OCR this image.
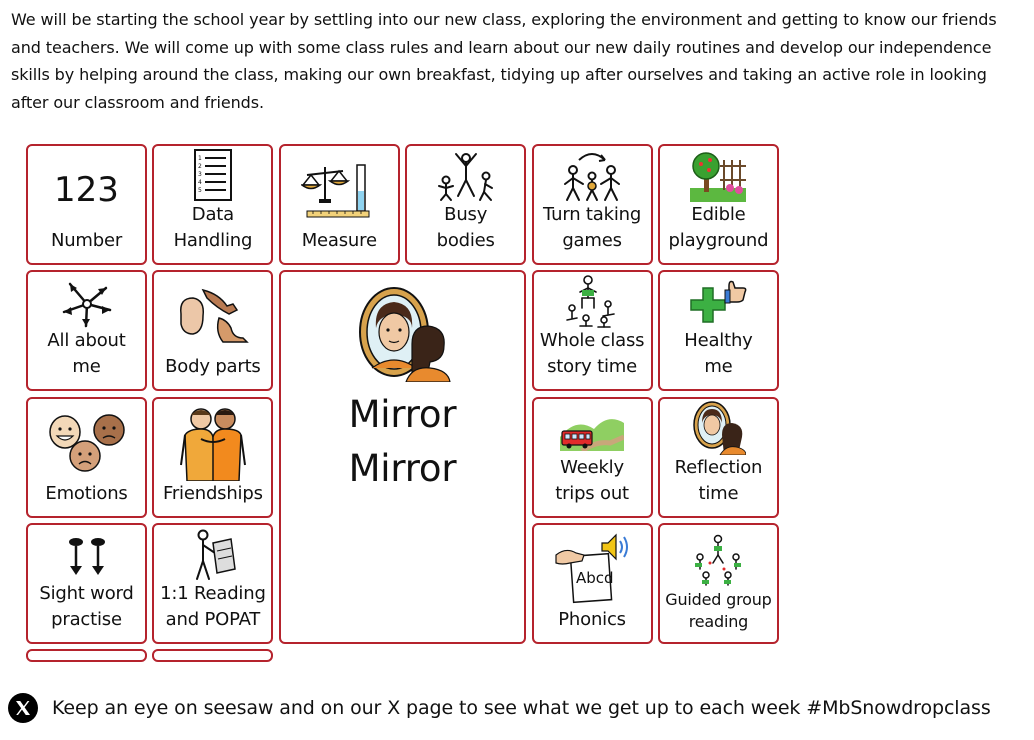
We will be starting the school year by settling into our new class, exploring the environment and getting to know our friends and teachers. We will come up with some class rules and learn about our new daily routines and develop our independence skills by helping around the class, making our own breakfast, tidying up after ourselves and taking an active role in looking after our classroom and friends.

123
Number
1
2
3
4
5
Data
Handling	Measure
Busy
bodies
Turn taking
games
Edible
playground
All about
me	Body parts
Mirror
Mirror
Whole class
story time
Healthy
me
Emotions Friendships
Weekly
trips out
Reflection
time
Sight word
practise
1:1 Reading
and POPAT
Abcd
Phonics
Guided group
reading
Keep an eye on seesaw and on our X page to see what we get up to each week #MbSnowdropclass
